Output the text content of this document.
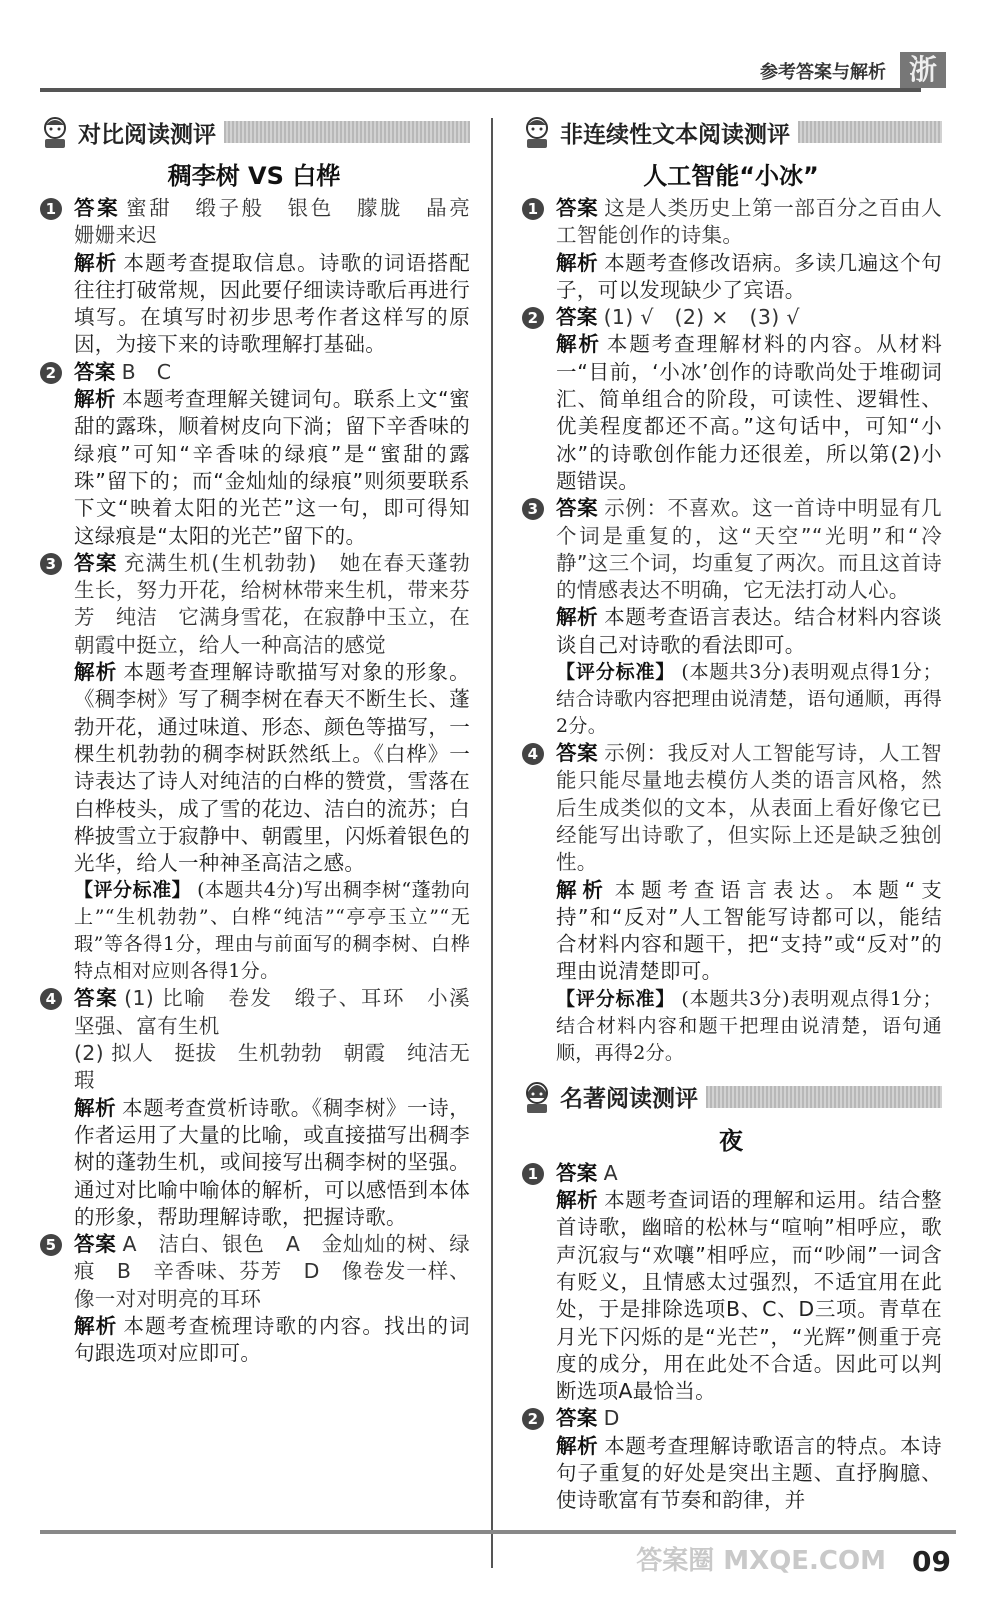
参考答案与解析 浙
对比阅读测评
稠李树 VS 白桦
1 答案 蜜甜　缎子般　银色　朦胧　晶亮　姗姗来迟

解析 本题考查提取信息。诗歌的词语搭配往往打破常规，因此要仔细读诗歌后再进行填写。在填写时初步思考作者这样写的原因，为接下来的诗歌理解打基础。

2 答案 B　C

解析 本题考查理解关键词句。联系上文“蜜甜的露珠，顺着树皮向下淌；留下辛香味的绿痕”可知“辛香味的绿痕”是“蜜甜的露珠”留下的；而“金灿灿的绿痕”则须要联系下文“映着太阳的光芒”这一句，即可得知这绿痕是“太阳的光芒”留下的。

3 答案 充满生机(生机勃勃)　她在春天蓬勃生长，努力开花，给树林带来生机，带来芬芳　纯洁　它满身雪花，在寂静中玉立，在朝霞中挺立，给人一种高洁的感觉

解析 本题考查理解诗歌描写对象的形象。《稠李树》写了稠李树在春天不断生长、蓬勃开花，通过味道、形态、颜色等描写，一棵生机勃勃的稠李树跃然纸上。《白桦》一诗表达了诗人对纯洁的白桦的赞赏，雪落在白桦枝头，成了雪的花边、洁白的流苏；白桦披雪立于寂静中、朝霞里，闪烁着银色的光华，给人一种神圣高洁之感。

【评分标准】 (本题共4分)写出稠李树“蓬勃向上”“生机勃勃”、白桦“纯洁”“亭亭玉立”“无瑕”等各得1分，理由与前面写的稠李树、白桦特点相对应则各得1分。

4 答案 (1) 比喻　卷发　缎子、耳环　小溪　坚强、富有生机

(2) 拟人　挺拔　生机勃勃　朝霞　纯洁无瑕

解析 本题考查赏析诗歌。《稠李树》一诗，作者运用了大量的比喻，或直接描写出稠李树的蓬勃生机，或间接写出稠李树的坚强。通过对比喻中喻体的解析，可以感悟到本体的形象，帮助理解诗歌，把握诗歌。

5 答案 A　洁白、银色　A　金灿灿的树、绿痕　B　辛香味、芬芳　D　像卷发一样、像一对对明亮的耳环

解析 本题考查梳理诗歌的内容。找出的词句跟选项对应即可。

非连续性文本阅读测评
人工智能“小冰”
1 答案 这是人类历史上第一部百分之百由人工智能创作的诗集。

解析 本题考查修改语病。多读几遍这个句子，可以发现缺少了宾语。

2 答案 (1) √　(2) ×　(3) √

解析 本题考查理解材料的内容。从材料一“目前，‘小冰’创作的诗歌尚处于堆砌词汇、简单组合的阶段，可读性、逻辑性、优美程度都还不高。”这句话中，可知“小冰”的诗歌创作能力还很差，所以第(2)小题错误。

3 答案 示例：不喜欢。这一首诗中明显有几个词是重复的，这“天空”“光明”和“冷静”这三个词，均重复了两次。而且这首诗的情感表达不明确，它无法打动人心。

解析 本题考查语言表达。结合材料内容谈谈自己对诗歌的看法即可。

【评分标准】 (本题共3分)表明观点得1分；结合诗歌内容把理由说清楚，语句通顺，再得2分。

4 答案 示例：我反对人工智能写诗，人工智能只能尽量地去模仿人类的语言风格，然后生成类似的文本，从表面上看好像它已经能写出诗歌了，但实际上还是缺乏独创性。

解析 本题考查语言表达。本题“支持”和“反对”人工智能写诗都可以，能结合材料内容和题干，把“支持”或“反对”的理由说清楚即可。

【评分标准】 (本题共3分)表明观点得1分；结合材料内容和题干把理由说清楚，语句通顺，再得2分。

名著阅读测评
夜
1 答案 A

解析 本题考查词语的理解和运用。结合整首诗歌，幽暗的松林与“喧响”相呼应，歌声沉寂与“欢嚷”相呼应，而“吵闹”一词含有贬义，且情感太过强烈，不适宜用在此处，于是排除选项B、C、D三项。青草在月光下闪烁的是“光芒”，“光辉”侧重于亮度的成分，用在此处不合适。因此可以判断选项A最恰当。

2 答案 D

解析 本题考查理解诗歌语言的特点。本诗句子重复的好处是突出主题、直抒胸臆、使诗歌富有节奏和韵律，并

答案圈 MXQE.COM 09
